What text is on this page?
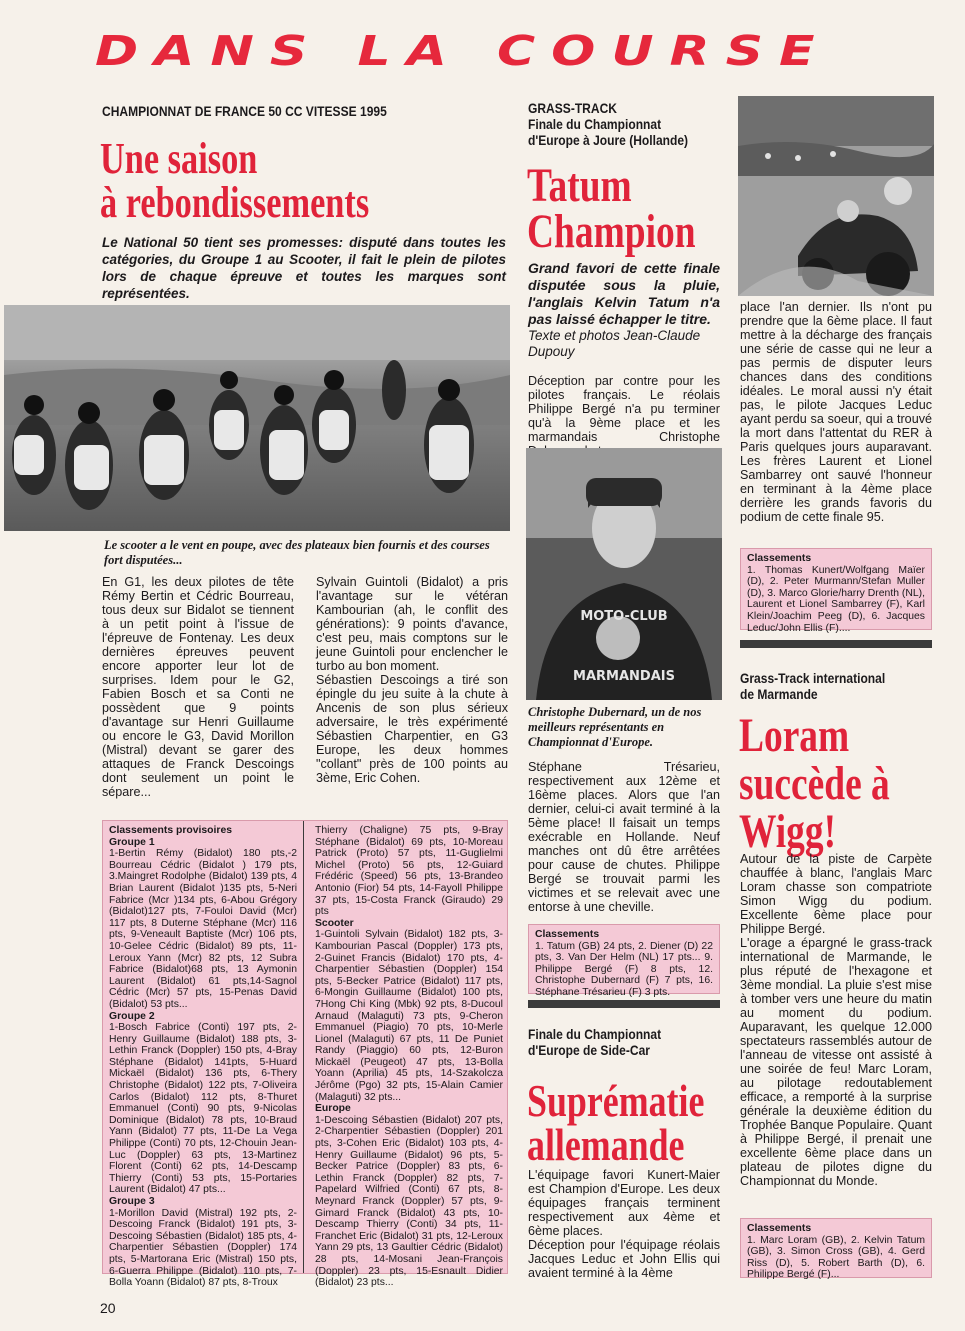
DANS LA COURSE
CHAMPIONNAT DE FRANCE 50 CC VITESSE 1995
Une saison
à rebondissements
Le National 50 tient ses promesses: disputé dans toutes les catégories, du Groupe 1 au Scooter, il fait le plein de pilotes lors de chaque épreuve et toutes les marques sont représentées.
Le scooter a le vent en poupe, avec des plateaux bien fournis et des courses fort disputées...
En G1, les deux pilotes de tête Rémy Bertin et Cédric Bourreau, tous deux sur Bidalot se tiennent à un petit point à l'issue de l'épreuve de Fontenay. Les deux dernières épreuves peuvent encore apporter leur lot de surprises. Idem pour le G2, Fabien Bosch et sa Conti ne possèdent que 9 points d'avantage sur Henri Guillaume ou encore le G3, David Morillon (Mistral) devant se garer des attaques de Franck Descoings dont seulement un point le sépare...
Sylvain Guintoli (Bidalot) a pris l'avantage sur le vétéran Kambourian (ah, le conflit des générations): 9 points d'avance, c'est peu, mais comptons sur le jeune Guintoli pour enclencher le turbo au bon moment.
Sébastien Descoings a tiré son épingle du jeu suite à la chute à Ancenis de son plus sérieux adversaire, le très expérimenté Sébastien Charpentier, en G3 Europe, les deux hommes "collant" près de 100 points au 3ème, Eric Cohen.
Classements provisoires
Groupe 1
1-Bertin Rémy (Bidalot) 180 pts,-2 Bourreau Cédric (Bidalot ) 179 pts, 3.Maingret Rodolphe (Bidalot) 139 pts, 4 Brian Laurent (Bidalot )135 pts, 5-Neri Fabrice (Mcr )134 pts, 6-Abou Grégory (Bidalot)127 pts, 7-Fouloi David (Mcr) 117 pts, 8 Duterne Stéphane (Mcr) 116 pts, 9-Veneault Baptiste (Mcr) 106 pts, 10-Gelee Cédric (Bidalot) 89 pts, 11-Leroux Yann (Mcr) 82 pts, 12 Subra Fabrice (Bidalot)68 pts, 13 Aymonin Laurent (Bidalot) 61 pts,14-Sagnol Cédric (Mcr) 57 pts, 15-Penas David (Bidalot) 53 pts...
Groupe 2
1-Bosch Fabrice (Conti) 197 pts, 2-Henry Guillaume (Bidalot) 188 pts, 3-Lethin Franck (Doppler) 150 pts, 4-Bray Stéphane (Bidalot) 141pts, 5-Huard Mickaël (Bidalot) 136 pts, 6-Thery Christophe (Bidalot) 122 pts, 7-Oliveira Carlos (Bidalot) 112 pts, 8-Thuret Emmanuel (Conti) 90 pts, 9-Nicolas Dominique (Bidalot) 78 pts, 10-Braud Yann (Bidalot) 77 pts, 11-De La Vega Philippe (Conti) 70 pts, 12-Chouin Jean-Luc (Doppler) 63 pts, 13-Martinez Florent (Conti) 62 pts, 14-Descamp Thierry (Conti) 53 pts, 15-Portaries Laurent (Bidalot) 47 pts...
Groupe 3
1-Morillon David (Mistral) 192 pts, 2-Descoing Franck (Bidalot) 191 pts, 3-Descoing Sébastien (Bidalot) 185 pts, 4-Charpentier Sébastien (Doppler) 174 pts, 5-Martorana Eric (Mistral) 150 pts, 6-Guerra Philippe (Bidalot) 110 pts, 7-Bolla Yoann (Bidalot) 87 pts, 8-Troux
Thierry (Chaligne) 75 pts, 9-Bray Stéphane (Bidalot) 69 pts, 10-Moreau Patrick (Proto) 57 pts, 11-Guglielmi Michel (Proto) 56 pts, 12-Guiard Frédéric (Speed) 56 pts, 13-Brandeo Antonio (Fior) 54 pts, 14-Fayoll Philippe 37 pts, 15-Costa Franck (Giraudo) 29 pts
Scooter
1-Guintoli Sylvain (Bidalot) 182 pts, 3-Kambourian Pascal (Doppler) 173 pts, 2-Guinet Francis (Bidalot) 170 pts, 4-Charpentier Sébastien (Doppler) 154 pts, 5-Becker Patrice (Bidalot) 117 pts, 6-Mongin Guillaume (Bidalot) 100 pts, 7Hong Chi King (Mbk) 92 pts, 8-Ducoul Arnaud (Malaguti) 73 pts, 9-Cheron Emmanuel (Piagio) 70 pts, 10-Merle Lionel (Malaguti) 67 pts, 11 De Puniet Randy (Piaggio) 60 pts, 12-Buron Mickaël (Peugeot) 47 pts, 13-Bolla Yoann (Aprilia) 45 pts, 14-Szakolcza Jérôme (Pgo) 32 pts, 15-Alain Camier (Malaguti) 32 pts...
Europe
1-Descoing Sébastien (Bidalot) 207 pts, 2-Charpentier Sébastien (Doppler) 201 pts, 3-Cohen Eric (Bidalot) 103 pts, 4-Henry Guillaume (Bidalot) 96 pts, 5-Becker Patrice (Doppler) 83 pts, 6-Lethin Franck (Doppler) 82 pts, 7-Papelard Wilfried (Conti) 67 pts, 8-Meynard Franck (Doppler) 57 pts, 9-Gimard Franck (Bidalot) 43 pts, 10-Descamp Thierry (Conti) 34 pts, 11-Franchet Eric (Bidalot) 31 pts, 12-Leroux Yann 29 pts, 13 Gaultier Cédric (Bidalot) 28 pts, 14-Mosani Jean-François (Doppler) 23 pts, 15-Esnault Didier (Bidalot) 23 pts...
20
GRASS-TRACK
Finale du Championnat
d'Europe à Joure (Hollande)
Tatum
Champion
Grand favori de cette finale disputée sous la pluie, l'anglais Kelvin Tatum n'a pas laissé échapper le titre.
Texte et photos Jean-Claude Dupouy
Déception par contre pour les pilotes français. Le réolais Philippe Bergé n'a pu terminer qu'à la 9ème place et les marmandais Christophe
MOTO-CLUB
MARMANDAIS
Christophe Dubernard, un de nos meilleurs représentants en Championnat d'Europe.
Stéphane Trésarieu, respectivement aux 12ème et 16ème places. Alors que l'an dernier, celui-ci avait terminé à la 5ème place! Il faisait un temps exécrable en Hollande. Neuf manches ont dû être arrêtées pour cause de chutes. Philippe Bergé se trouvait parmi les victimes et se relevait avec une entorse à une cheville.
Classements
1. Tatum (GB) 24 pts, 2. Diener (D) 22 pts, 3. Van Der Helm (NL) 17 pts... 9. Philippe Bergé (F) 8 pts, 12. Christophe Dubernard (F) 7 pts, 16. Stéphane Trésarieu (F) 3 pts.
Finale du Championnat
d'Europe de Side-Car
Suprématie
allemande
L'équipage favori Kunert-Maier est Champion d'Europe. Les deux équipages français terminent respectivement aux 4ème et 6ème places.
Déception pour l'équipage réolais Jacques Leduc et John Ellis qui avaient terminé à la 4ème
place l'an dernier. Ils n'ont pu prendre que la 6ème place. Il faut mettre à la décharge des français une série de casse qui ne leur a pas permis de disputer leurs chances dans des conditions idéales. Le moral aussi n'y était pas, le pilote Jacques Leduc ayant perdu sa soeur, qui a trouvé la mort dans l'attentat du RER à Paris quelques jours auparavant. Les frères Laurent et Lionel Sambarrey ont sauvé l'honneur en terminant à la 4ème place derrière les grands favoris du podium de cette finale 95.
Classements
1. Thomas Kunert/Wolfgang Maïer (D), 2. Peter Murmann/Stefan Muller (D), 3. Marco Glorie/harry Drenth (NL), Laurent et Lionel Sambarrey (F), Karl Klein/Joachim Peeg (D), 6. Jacques Leduc/John Ellis (F)....
Grass-Track international
de Marmande
Loram
succède à
Wigg!
Autour de la piste de Carpète chauffée à blanc, l'anglais Marc Loram chasse son compatriote Simon Wigg du podium. Excellente 6ème place pour Philippe Bergé.
L'orage a épargné le grass-track international de Marmande, le plus réputé de l'hexagone et 3ème mondial. La pluie s'est mise à tomber vers une heure du matin au moment du podium. Auparavant, les quelque 12.000 spectateurs rassemblés autour de l'anneau de vitesse ont assisté à une soirée de feu! Marc Loram, au pilotage redoutablement efficace, a remporté à la surprise générale la deuxième édition du Trophée Banque Populaire. Quant à Philippe Bergé, il prenait une excellente 6ème place dans un plateau de pilotes digne du Championnat du Monde.
Classements
1. Marc Loram (GB), 2. Kelvin Tatum (GB), 3. Simon Cross (GB), 4. Gerd Riss (D), 5. Robert Barth (D), 6. Philippe Bergé (F)...
